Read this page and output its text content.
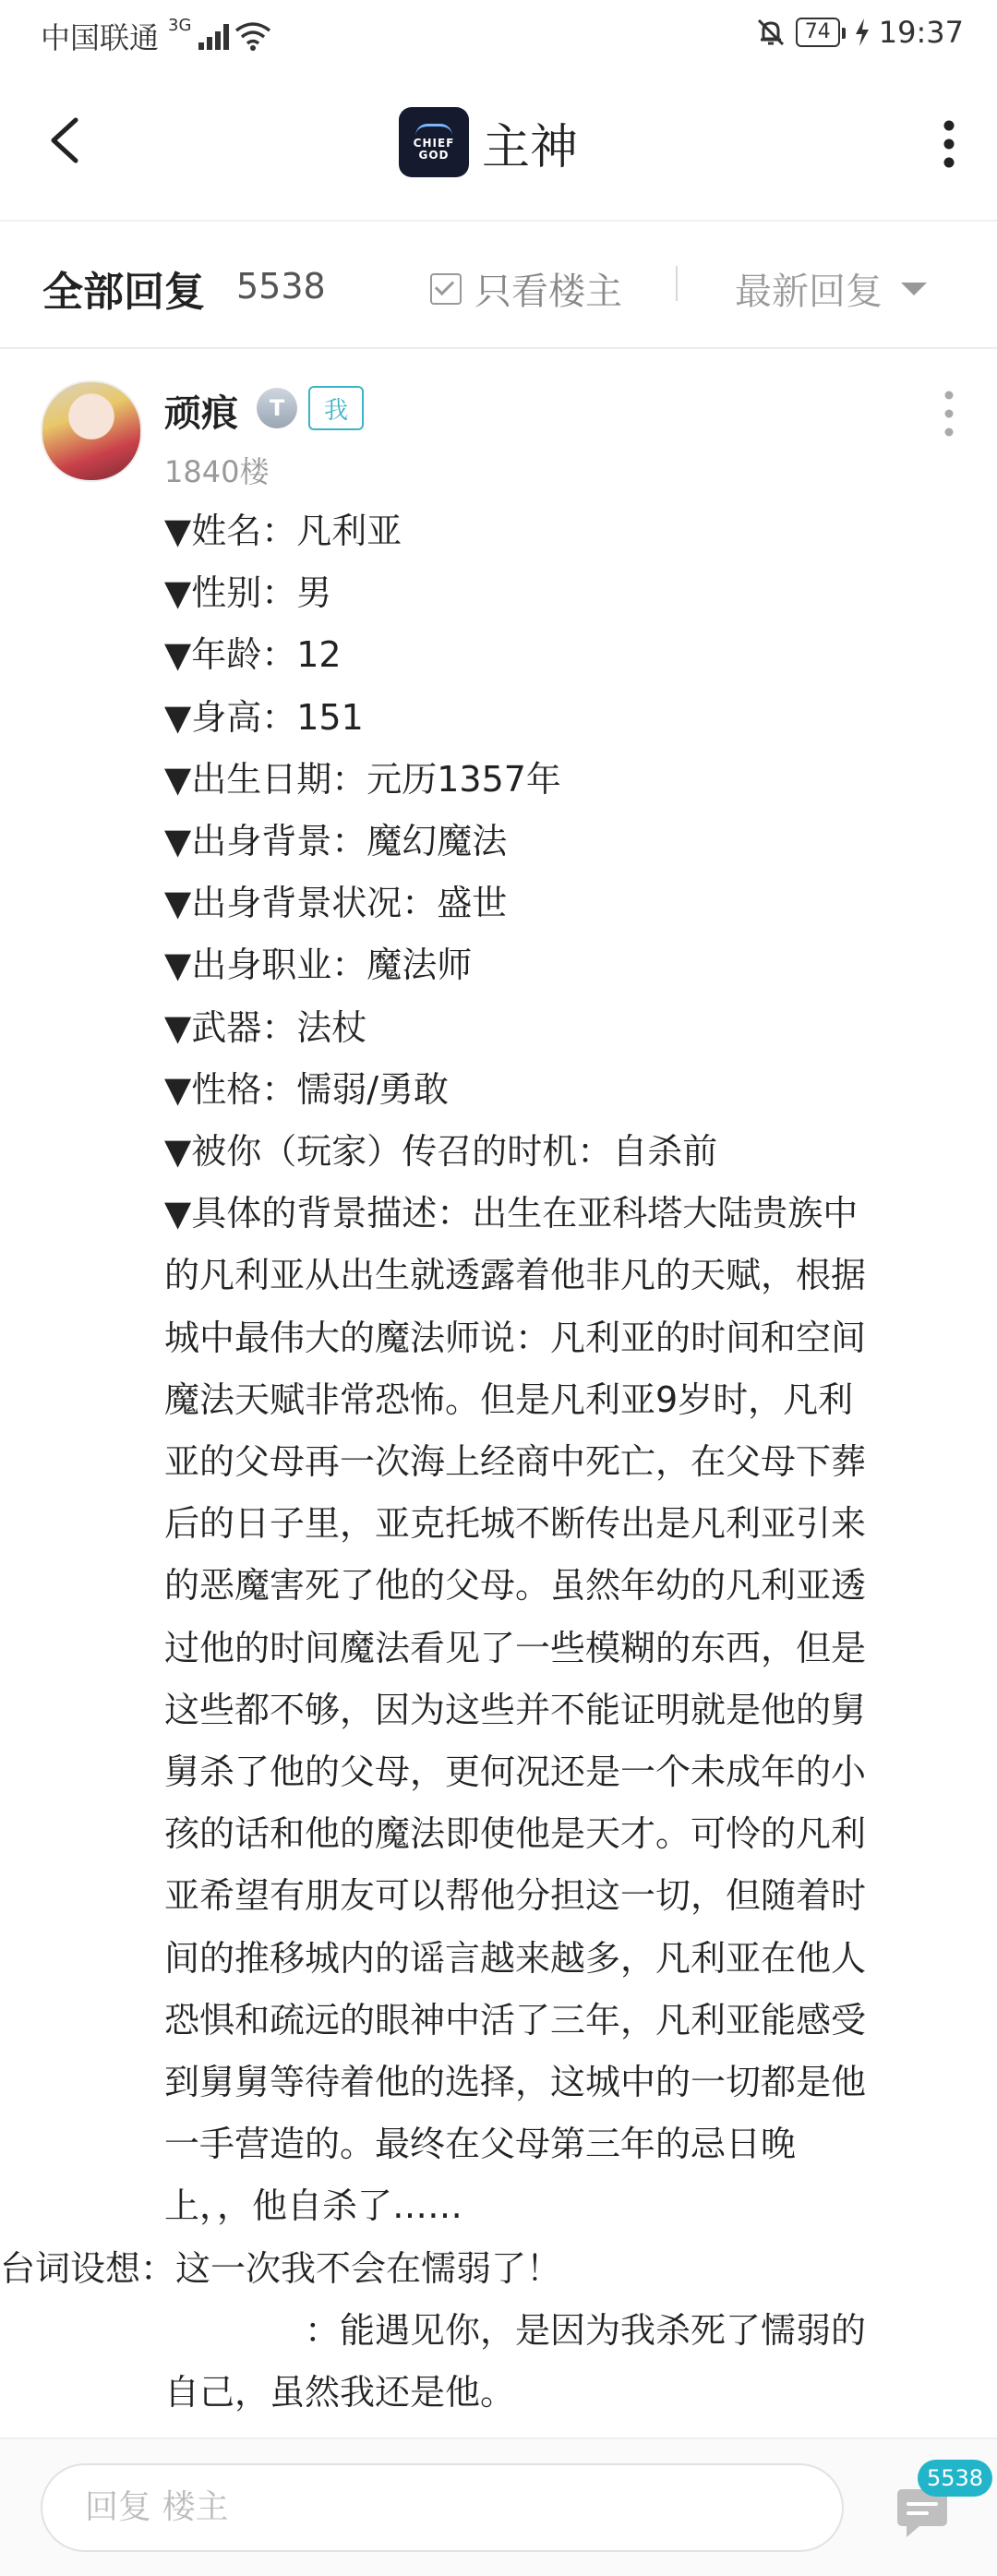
中国联通 3G	74	19:37
CHIEF GOD 主神
全部回复 5538	只看楼主	最新回复
顽痕	T	我
1840楼
▼姓名：凡利亚
▼性别：男
▼年龄：12
▼身高：151
▼出生日期：元历1357年
▼出身背景：魔幻魔法
▼出身背景状况：盛世
▼出身职业：魔法师
▼武器：法杖
▼性格：懦弱/勇敢
▼被你（玩家）传召的时机：自杀前
▼具体的背景描述：出生在亚科塔大陆贵族中
的凡利亚从出生就透露着他非凡的天赋，根据
城中最伟大的魔法师说：凡利亚的时间和空间
魔法天赋非常恐怖。但是凡利亚9岁时，凡利
亚的父母再一次海上经商中死亡，在父母下葬
后的日子里，亚克托城不断传出是凡利亚引来
的恶魔害死了他的父母。虽然年幼的凡利亚透
过他的时间魔法看见了一些模糊的东西，但是
这些都不够，因为这些并不能证明就是他的舅
舅杀了他的父母，更何况还是一个未成年的小
孩的话和他的魔法即使他是天才。可怜的凡利
亚希望有朋友可以帮他分担这一切，但随着时
间的推移城内的谣言越来越多，凡利亚在他人
恐惧和疏远的眼神中活了三年，凡利亚能感受
到舅舅等待着他的选择，这城中的一切都是他
一手营造的。最终在父母第三年的忌日晚
上，，他自杀了……
台词设想：这一次我不会在懦弱了！
　　　　：能遇见你，是因为我杀死了懦弱的
自己，虽然我还是他。
回复 楼主
5538
